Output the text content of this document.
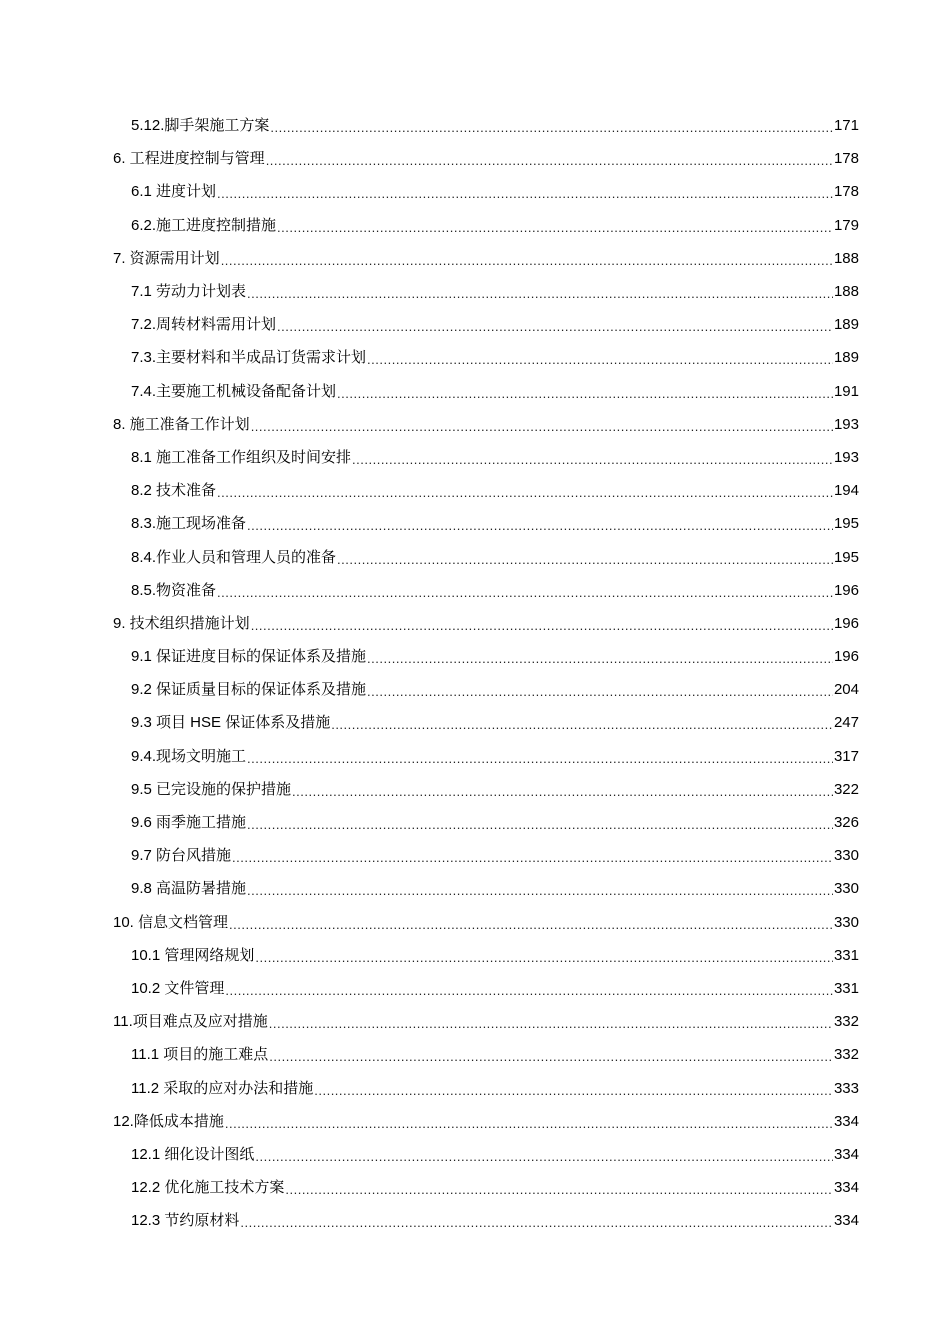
5.12.脚手架施工方案 .....	171
6. 工程进度控制与管理 .....	178
6.1 进度计划 .....	178
6.2.施工进度控制措施 .....	179
7. 资源需用计划 .....	188
7.1 劳动力计划表 .....	188
7.2.周转材料需用计划 .....	189
7.3.主要材料和半成品订货需求计划 .....	189
7.4.主要施工机械设备配备计划 .....	191
8. 施工准备工作计划 .....	193
8.1 施工准备工作组织及时间安排 .....	193
8.2 技术准备 .....	194
8.3.施工现场准备 .....	195
8.4.作业人员和管理人员的准备 .....	195
8.5.物资准备 .....	196
9. 技术组织措施计划 .....	196
9.1 保证进度目标的保证体系及措施 .....	196
9.2 保证质量目标的保证体系及措施 .....	204
9.3 项目 HSE 保证体系及措施 .....	247
9.4.现场文明施工 .....	317
9.5 已完设施的保护措施 .....	322
9.6 雨季施工措施 .....	326
9.7 防台风措施 .....	330
9.8 高温防暑措施 .....	330
10. 信息文档管理 .....	330
10.1 管理网络规划 .....	331
10.2 文件管理 .....	331
11.项目难点及应对措施 .....	332
11.1 项目的施工难点 .....	332
11.2 采取的应对办法和措施 .....	333
12.降低成本措施 .....	334
12.1 细化设计图纸 .....	334
12.2 优化施工技术方案 .....	334
12.3 节约原材料 .....	334
